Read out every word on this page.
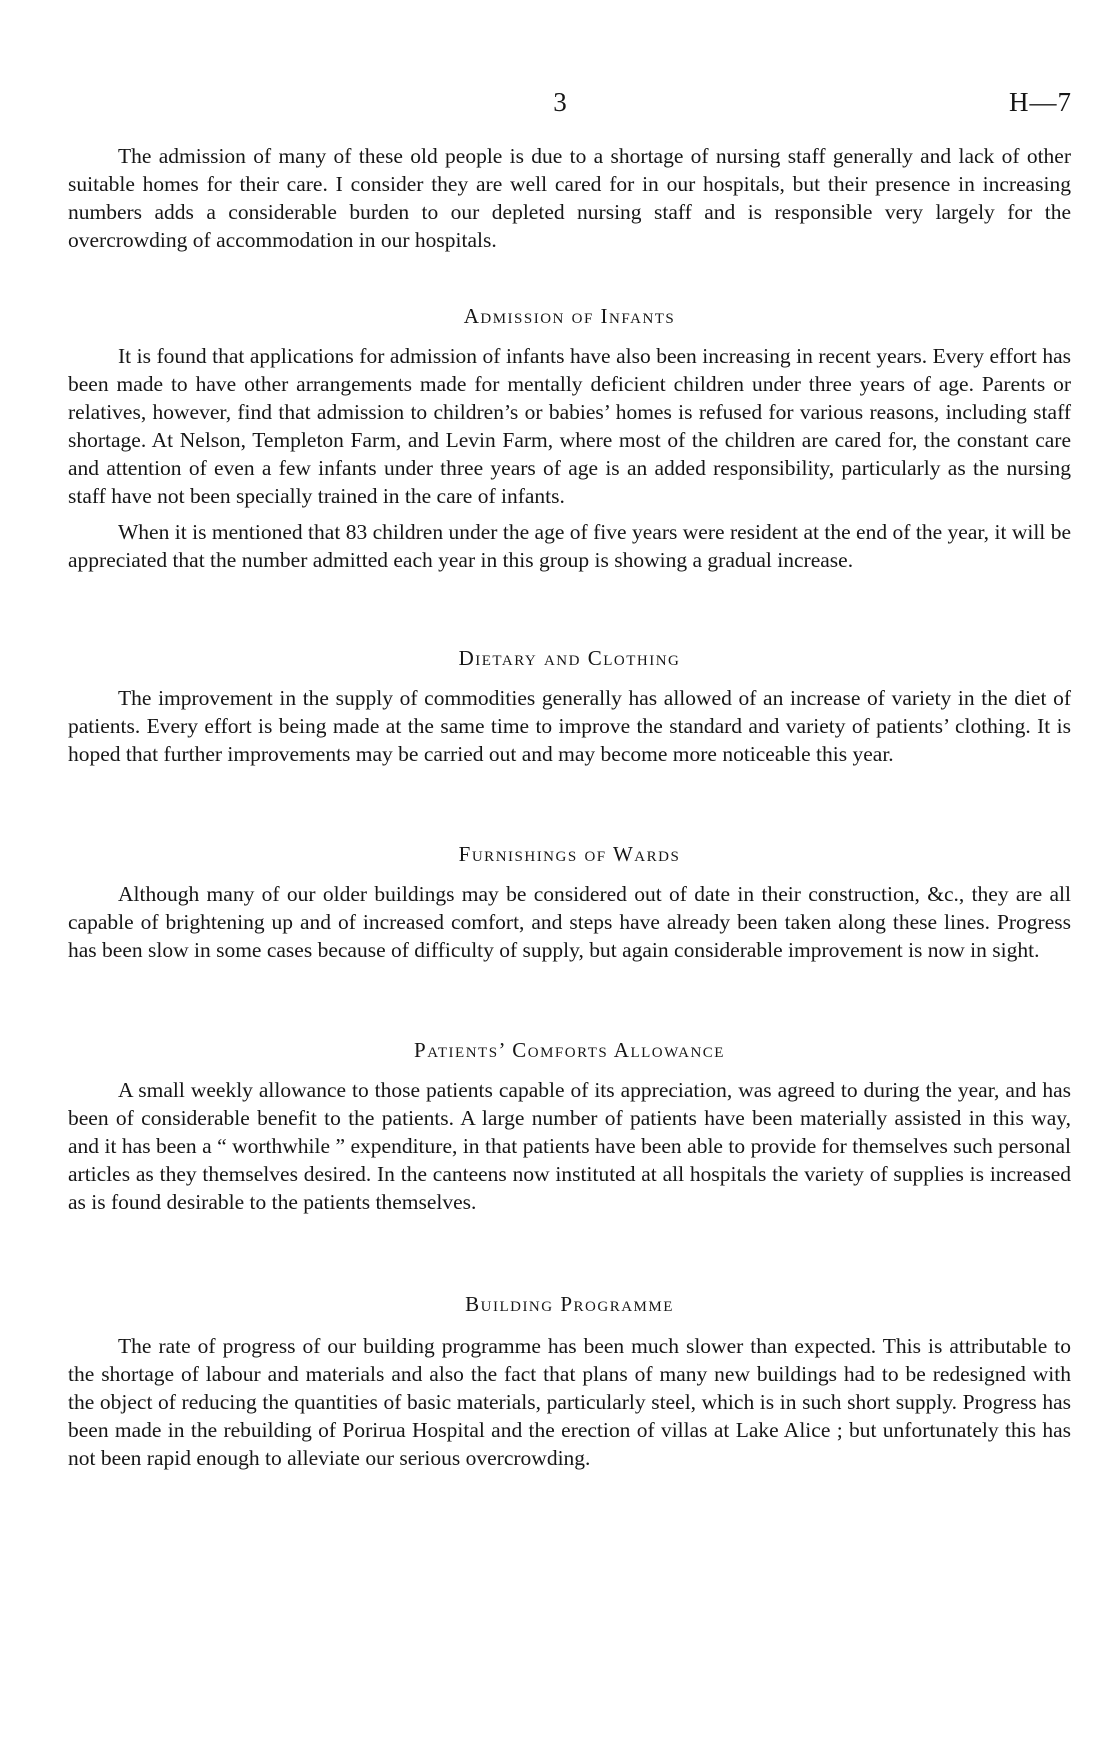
3	H—7

The admission of many of these old people is due to a shortage of nursing staff generally and lack of other suitable homes for their care. I consider they are well cared for in our hospitals, but their presence in increasing numbers adds a considerable burden to our depleted nursing staff and is responsible very largely for the overcrowding of accommodation in our hospitals.

Admission of Infants

It is found that applications for admission of infants have also been increasing in recent years. Every effort has been made to have other arrangements made for mentally deficient children under three years of age. Parents or relatives, however, find that admission to children’s or babies’ homes is refused for various reasons, including staff shortage. At Nelson, Templeton Farm, and Levin Farm, where most of the children are cared for, the constant care and attention of even a few infants under three years of age is an added responsibility, particularly as the nursing staff have not been specially trained in the care of infants.

When it is mentioned that 83 children under the age of five years were resident at the end of the year, it will be appreciated that the number admitted each year in this group is showing a gradual increase.

Dietary and Clothing

The improvement in the supply of commodities generally has allowed of an increase of variety in the diet of patients. Every effort is being made at the same time to improve the standard and variety of patients’ clothing. It is hoped that further improvements may be carried out and may become more noticeable this year.

Furnishings of Wards

Although many of our older buildings may be considered out of date in their construction, &c., they are all capable of brightening up and of increased comfort, and steps have already been taken along these lines. Progress has been slow in some cases because of difficulty of supply, but again considerable improvement is now in sight.

Patients’ Comforts Allowance

A small weekly allowance to those patients capable of its appreciation, was agreed to during the year, and has been of considerable benefit to the patients. A large number of patients have been materially assisted in this way, and it has been a “ worthwhile ” expenditure, in that patients have been able to provide for themselves such personal articles as they themselves desired. In the canteens now instituted at all hospitals the variety of supplies is increased as is found desirable to the patients themselves.

Building Programme

The rate of progress of our building programme has been much slower than expected. This is attributable to the shortage of labour and materials and also the fact that plans of many new buildings had to be redesigned with the object of reducing the quantities of basic materials, particularly steel, which is in such short supply. Progress has been made in the rebuilding of Porirua Hospital and the erection of villas at Lake Alice ; but unfortunately this has not been rapid enough to alleviate our serious overcrowding.
